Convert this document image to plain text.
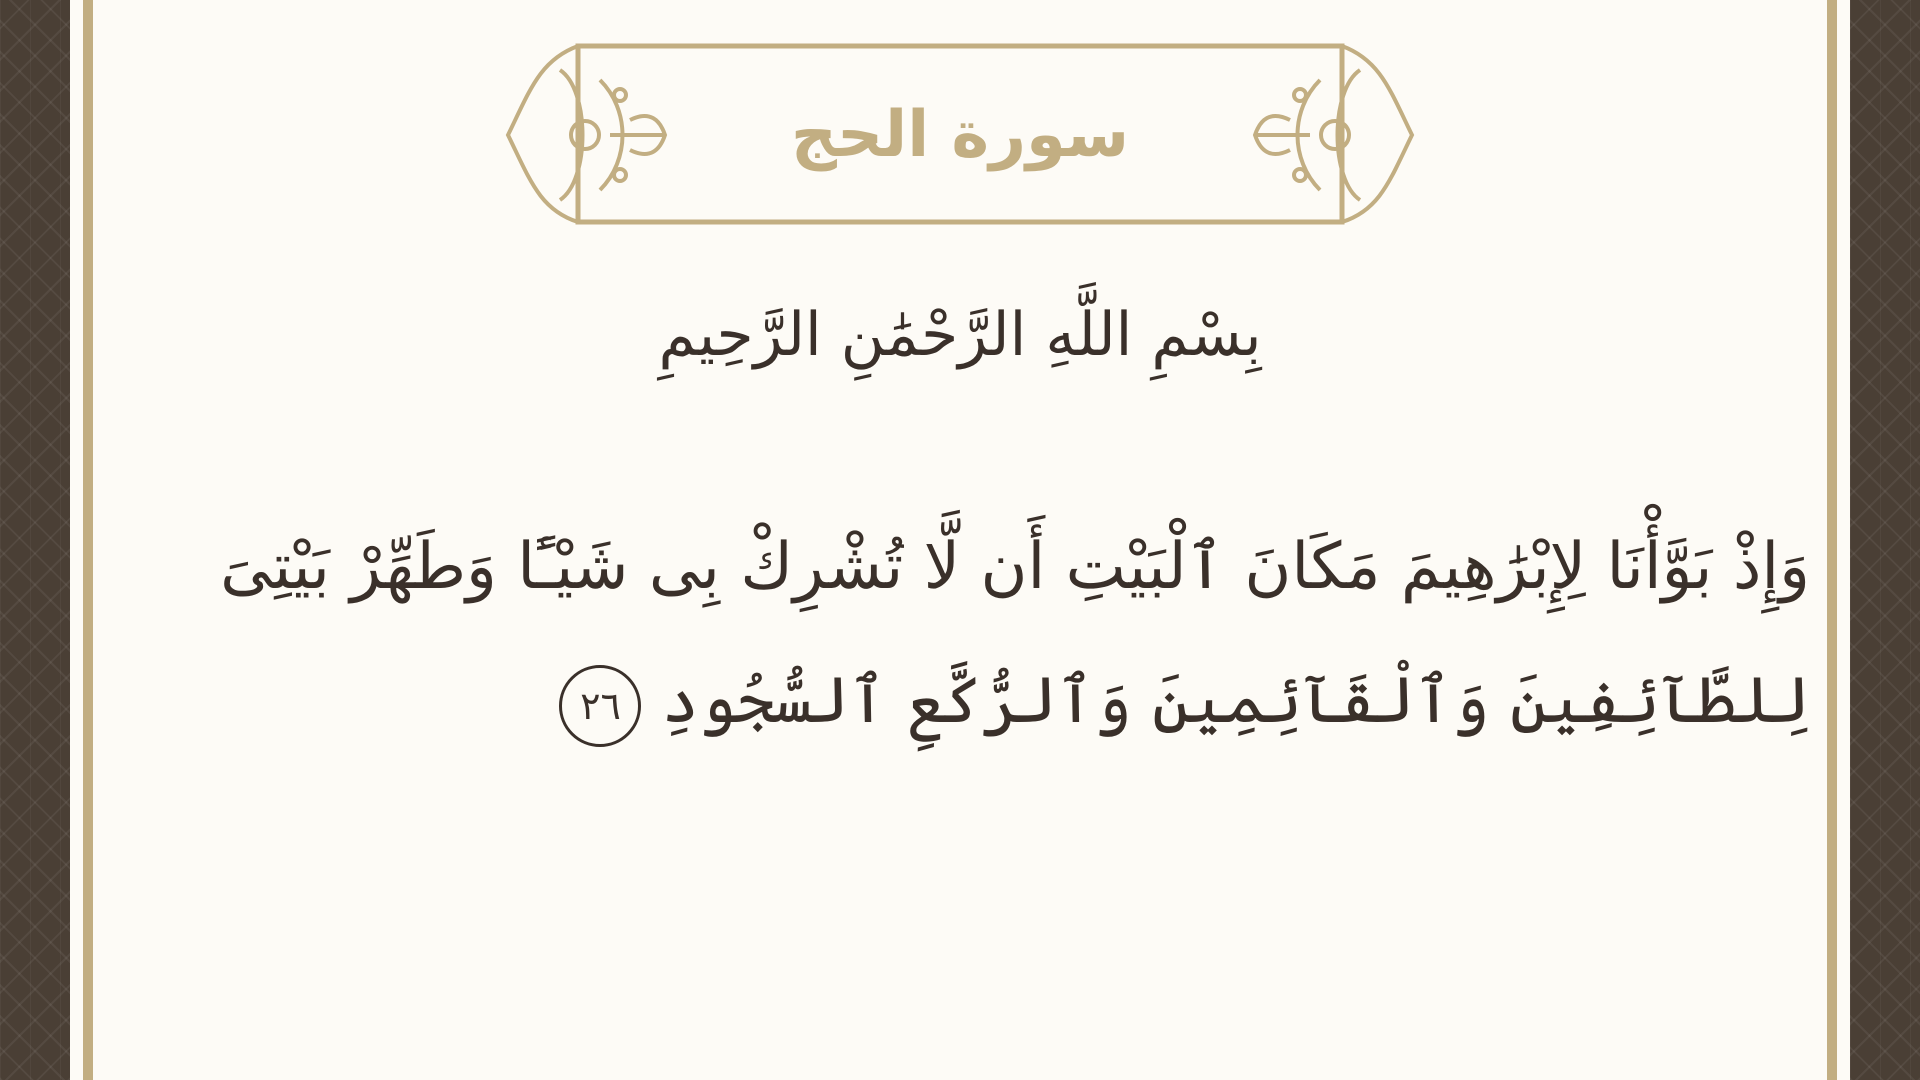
سورة الحج
بِسْمِ اللَّهِ الرَّحْمَٰنِ الرَّحِيمِ
وَإِذْ بَوَّأْنَا لِإِبْرَٰهِيمَ مَكَانَ ٱلْبَيْتِ أَن لَّا تُشْرِكْ بِى شَيْـًٔا وَطَهِّرْ بَيْتِىَ
لِلطَّآئِفِينَ وَٱلْقَآئِمِينَ وَٱلرُّكَّعِ ٱلسُّجُودِ٢٦
